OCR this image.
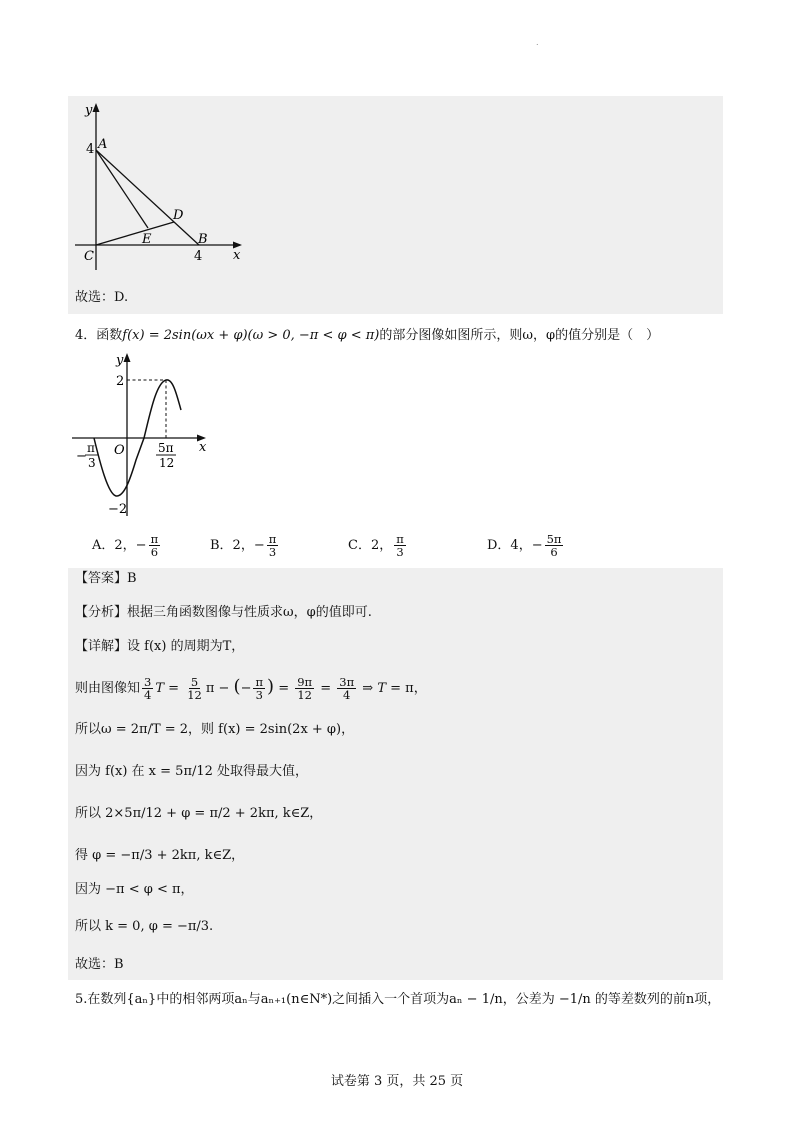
.
y
x
A
B
C
D
E
4
4
故选：D.
4．函数f(x) = 2sin(ωx + φ)(ω > 0, −π < φ < π)的部分图像如图所示，则ω，φ的值分别是（　）
y
x
O
2
−2
−
π
3
5π
12
A．2，− $\frac{\pi}{6}$	B．2，− $\frac{\pi}{3}$	C．2， $\frac{\pi}{3}$	D．4，− $\frac{5\pi}{6}$
【答案】B
【分析】根据三角函数图像与性质求ω，φ的值即可.
【详解】设 f(x) 的周期为T，
则由图像知 $\frac{3}{4}$ $T = \frac{5}{12}$ π − (− $\frac{\pi}{3}$ ) = $\frac{9\pi}{12} = \frac{3\pi}{4}$ ⇒ T = π，
所以ω = 2π/T = 2，则 f(x) = 2sin(2x + φ)，
因为 f(x) 在 x = 5π/12 处取得最大值，
所以 2×5π/12 + φ = π/2 + 2kπ, k∈Z，
得 φ = −π/3 + 2kπ, k∈Z，
因为 −π < φ < π，
所以 k = 0, φ = −π/3.
故选：B
5.在数列{aₙ}中的相邻两项aₙ与aₙ₊₁(n∈N*)之间插入一个首项为aₙ − 1/n，公差为 −1/n 的等差数列的前n项，
试卷第 3 页，共 25 页
